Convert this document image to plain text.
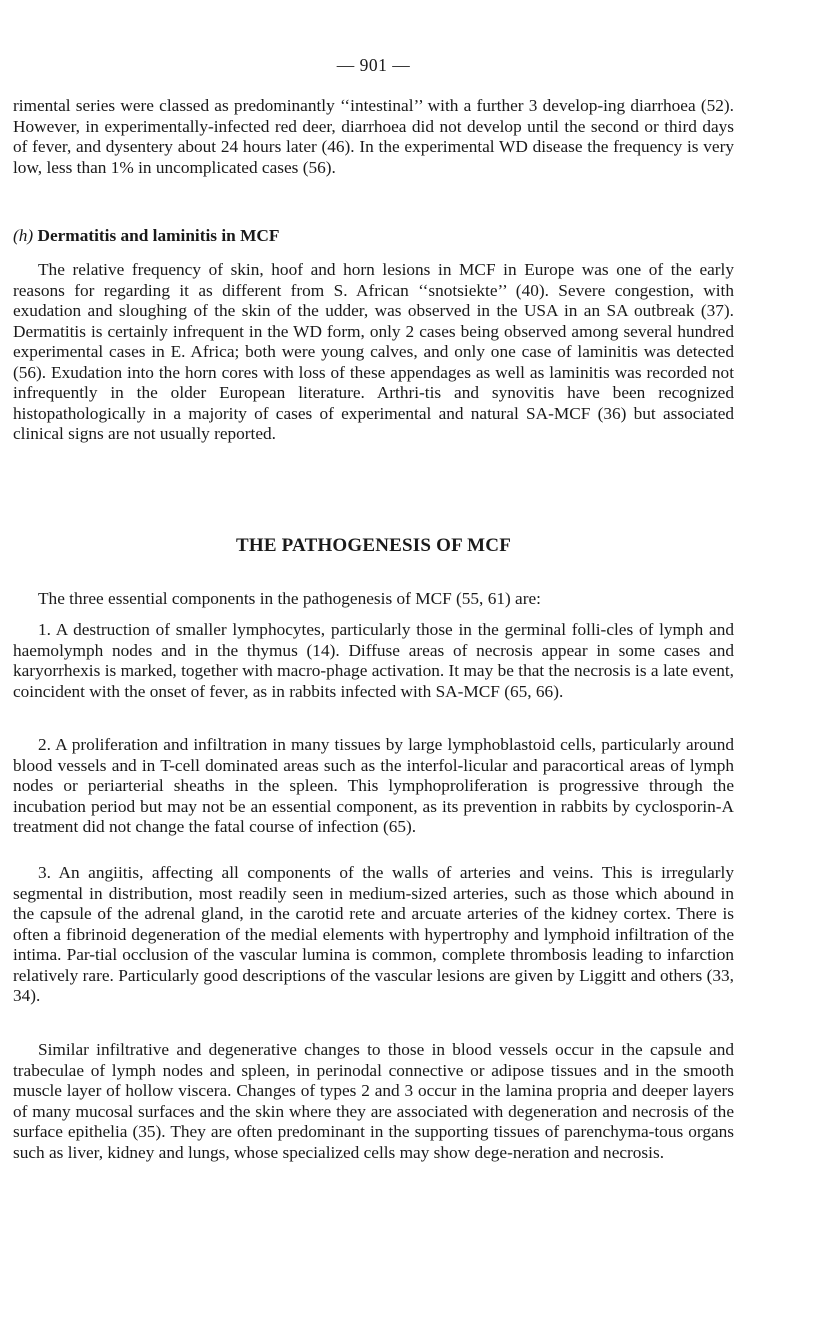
— 901 —

rimental series were classed as predominantly ‘‘intestinal’’ with a further 3 develop-ing diarrhoea (52). However, in experimentally-infected red deer, diarrhoea did not develop until the second or third days of fever, and dysentery about 24 hours later (46). In the experimental WD disease the frequency is very low, less than 1% in uncomplicated cases (56).

(h) Dermatitis and laminitis in MCF

The relative frequency of skin, hoof and horn lesions in MCF in Europe was one of the early reasons for regarding it as different from S. African ‘‘snotsiekte’’ (40). Severe congestion, with exudation and sloughing of the skin of the udder, was observed in the USA in an SA outbreak (37). Dermatitis is certainly infrequent in the WD form, only 2 cases being observed among several hundred experimental cases in E. Africa; both were young calves, and only one case of laminitis was detected (56). Exudation into the horn cores with loss of these appendages as well as laminitis was recorded not infrequently in the older European literature. Arthri-tis and synovitis have been recognized histopathologically in a majority of cases of experimental and natural SA-MCF (36) but associated clinical signs are not usually reported.

THE PATHOGENESIS OF MCF

The three essential components in the pathogenesis of MCF (55, 61) are:

1. A destruction of smaller lymphocytes, particularly those in the germinal folli-cles of lymph and haemolymph nodes and in the thymus (14). Diffuse areas of necrosis appear in some cases and karyorrhexis is marked, together with macro-phage activation. It may be that the necrosis is a late event, coincident with the onset of fever, as in rabbits infected with SA-MCF (65, 66).

2. A proliferation and infiltration in many tissues by large lymphoblastoid cells, particularly around blood vessels and in T-cell dominated areas such as the interfol-licular and paracortical areas of lymph nodes or periarterial sheaths in the spleen. This lymphoproliferation is progressive through the incubation period but may not be an essential component, as its prevention in rabbits by cyclosporin-A treatment did not change the fatal course of infection (65).

3. An angiitis, affecting all components of the walls of arteries and veins. This is irregularly segmental in distribution, most readily seen in medium-sized arteries, such as those which abound in the capsule of the adrenal gland, in the carotid rete and arcuate arteries of the kidney cortex. There is often a fibrinoid degeneration of the medial elements with hypertrophy and lymphoid infiltration of the intima. Par-tial occlusion of the vascular lumina is common, complete thrombosis leading to infarction relatively rare. Particularly good descriptions of the vascular lesions are given by Liggitt and others (33, 34).

Similar infiltrative and degenerative changes to those in blood vessels occur in the capsule and trabeculae of lymph nodes and spleen, in perinodal connective or adipose tissues and in the smooth muscle layer of hollow viscera. Changes of types 2 and 3 occur in the lamina propria and deeper layers of many mucosal surfaces and the skin where they are associated with degeneration and necrosis of the surface epithelia (35). They are often predominant in the supporting tissues of parenchyma-tous organs such as liver, kidney and lungs, whose specialized cells may show dege-neration and necrosis.
